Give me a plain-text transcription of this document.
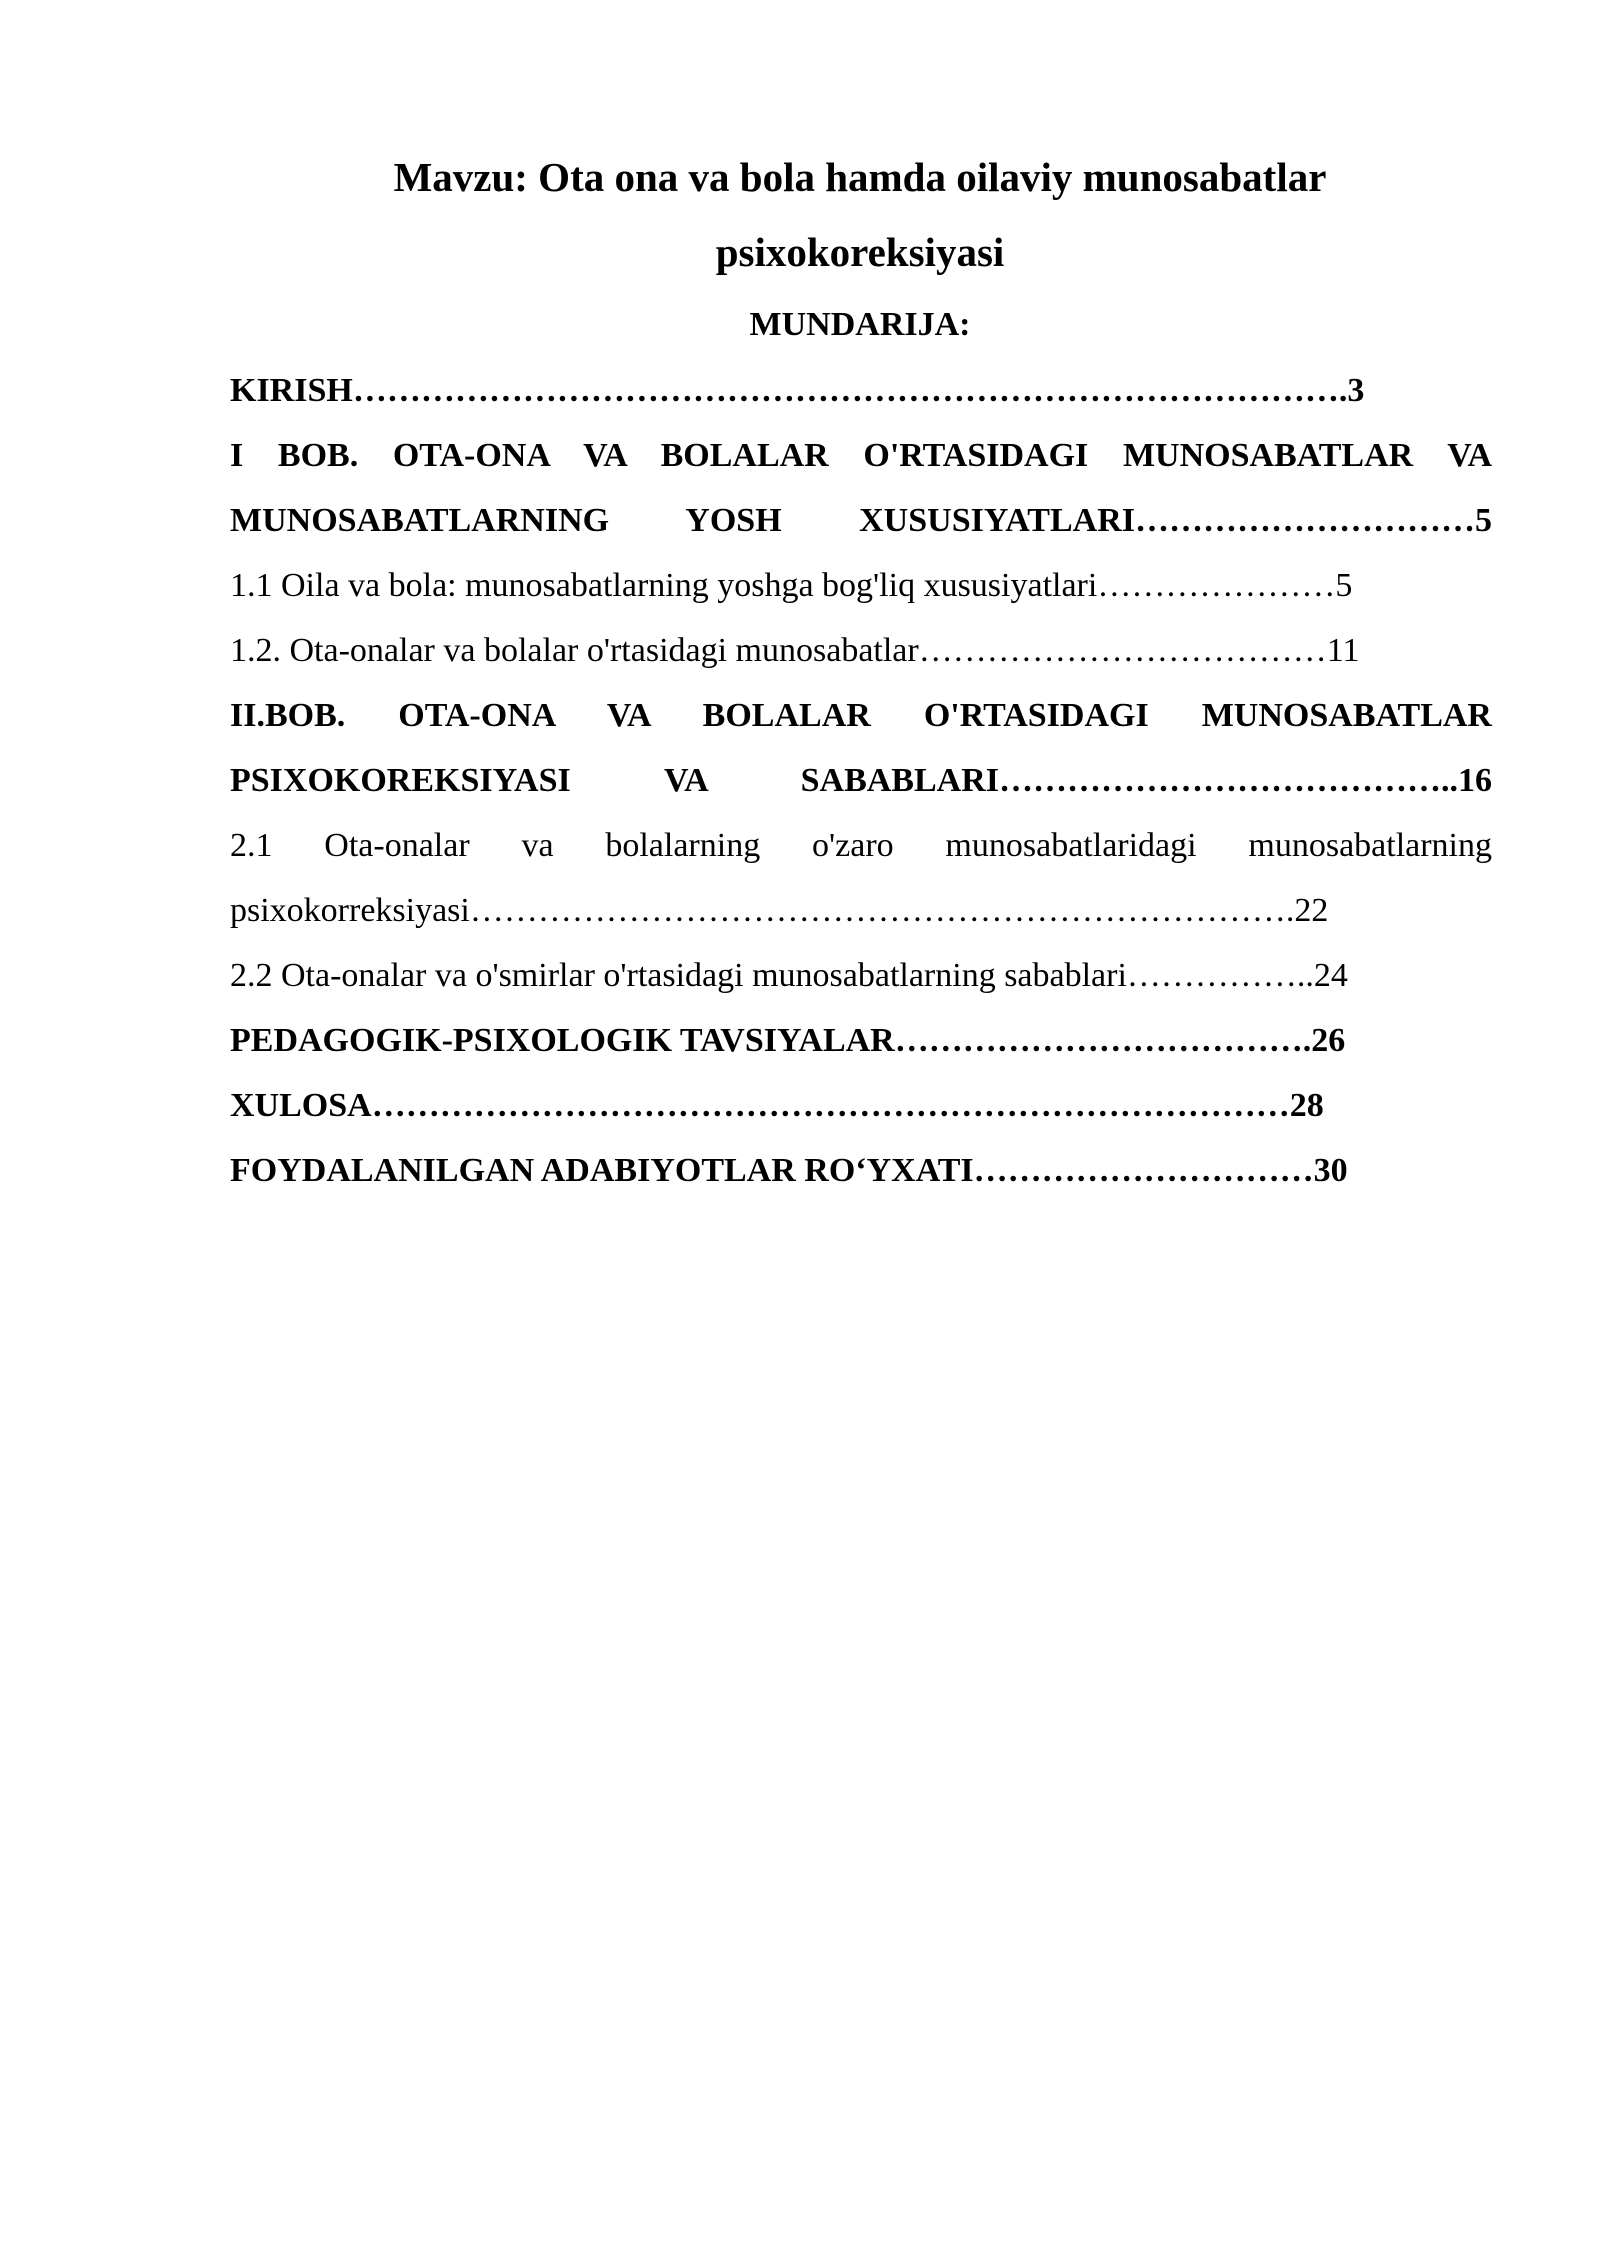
Mavzu: Ota ona va bola hamda oilaviy munosabatlar
psixokoreksiyasi
MUNDARIJA:
KIRISH…………………………………………………………………………….3
I BOB. OTA-ONA VA BOLALAR O'RTASIDAGI MUNOSABATLAR VA
MUNOSABATLARNING YOSH XUSUSIYATLARI…………………………5
1.1 Oila va bola: munosabatlarning yoshga bog'liq xususiyatlari…………………5
1.2. Ota-onalar va bolalar o'rtasidagi munosabatlar………………………………11
II.BOB. OTA-ONA VA BOLALAR O'RTASIDAGI MUNOSABATLAR
PSIXOKOREKSIYASI VA SABABLARI…………………………………..16
2.1 Ota-onalar va bolalarning o'zaro munosabatlaridagi munosabatlarning
psixokorreksiyasi……………………………………………………………….22
2.2 Ota-onalar va o'smirlar o'rtasidagi munosabatlarning sabablari……………..24
PEDAGOGIK-PSIXOLOGIK TAVSIYALAR……………………………….26
XULOSA………………………………………………………………………28
FOYDALANILGAN ADABIYOTLAR RO‘YXATI…………………………30
